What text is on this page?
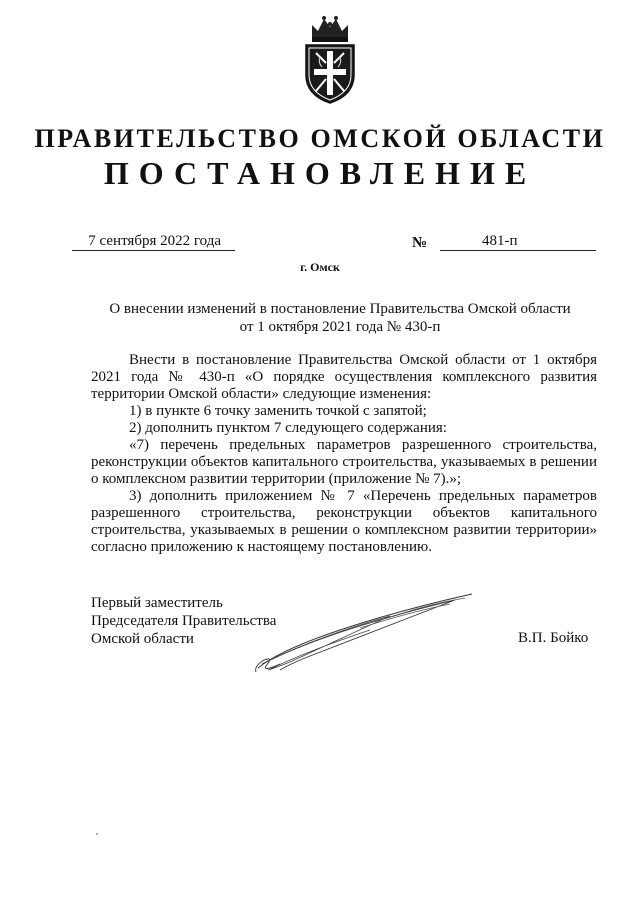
ПРАВИТЕЛЬСТВО ОМСКОЙ ОБЛАСТИ
ПОСТАНОВЛЕНИЕ
7 сентября 2022 года	№	481-п
г. Омск
О внесении изменений в постановление Правительства Омской области
от 1 октября 2021 года № 430-п

Внести в постановление Правительства Омской области от 1 октября 2021 года № 430-п «О порядке осуществления комплексного развития территории Омской области» следующие изменения:

1) в пункте 6 точку заменить точкой с запятой;

2) дополнить пунктом 7 следующего содержания:

«7) перечень предельных параметров разрешенного строительства, реконструкции объектов капитального строительства, указываемых в решении о комплексном развитии территории (приложение № 7).»;

3) дополнить приложением № 7 «Перечень предельных параметров разрешенного строительства, реконструкции объектов капитального строительства, указываемых в решении о комплексном развитии территории» согласно приложению к настоящему постановлению.

Первый заместитель
Председателя Правительства
Омской области	В.П. Бойко
